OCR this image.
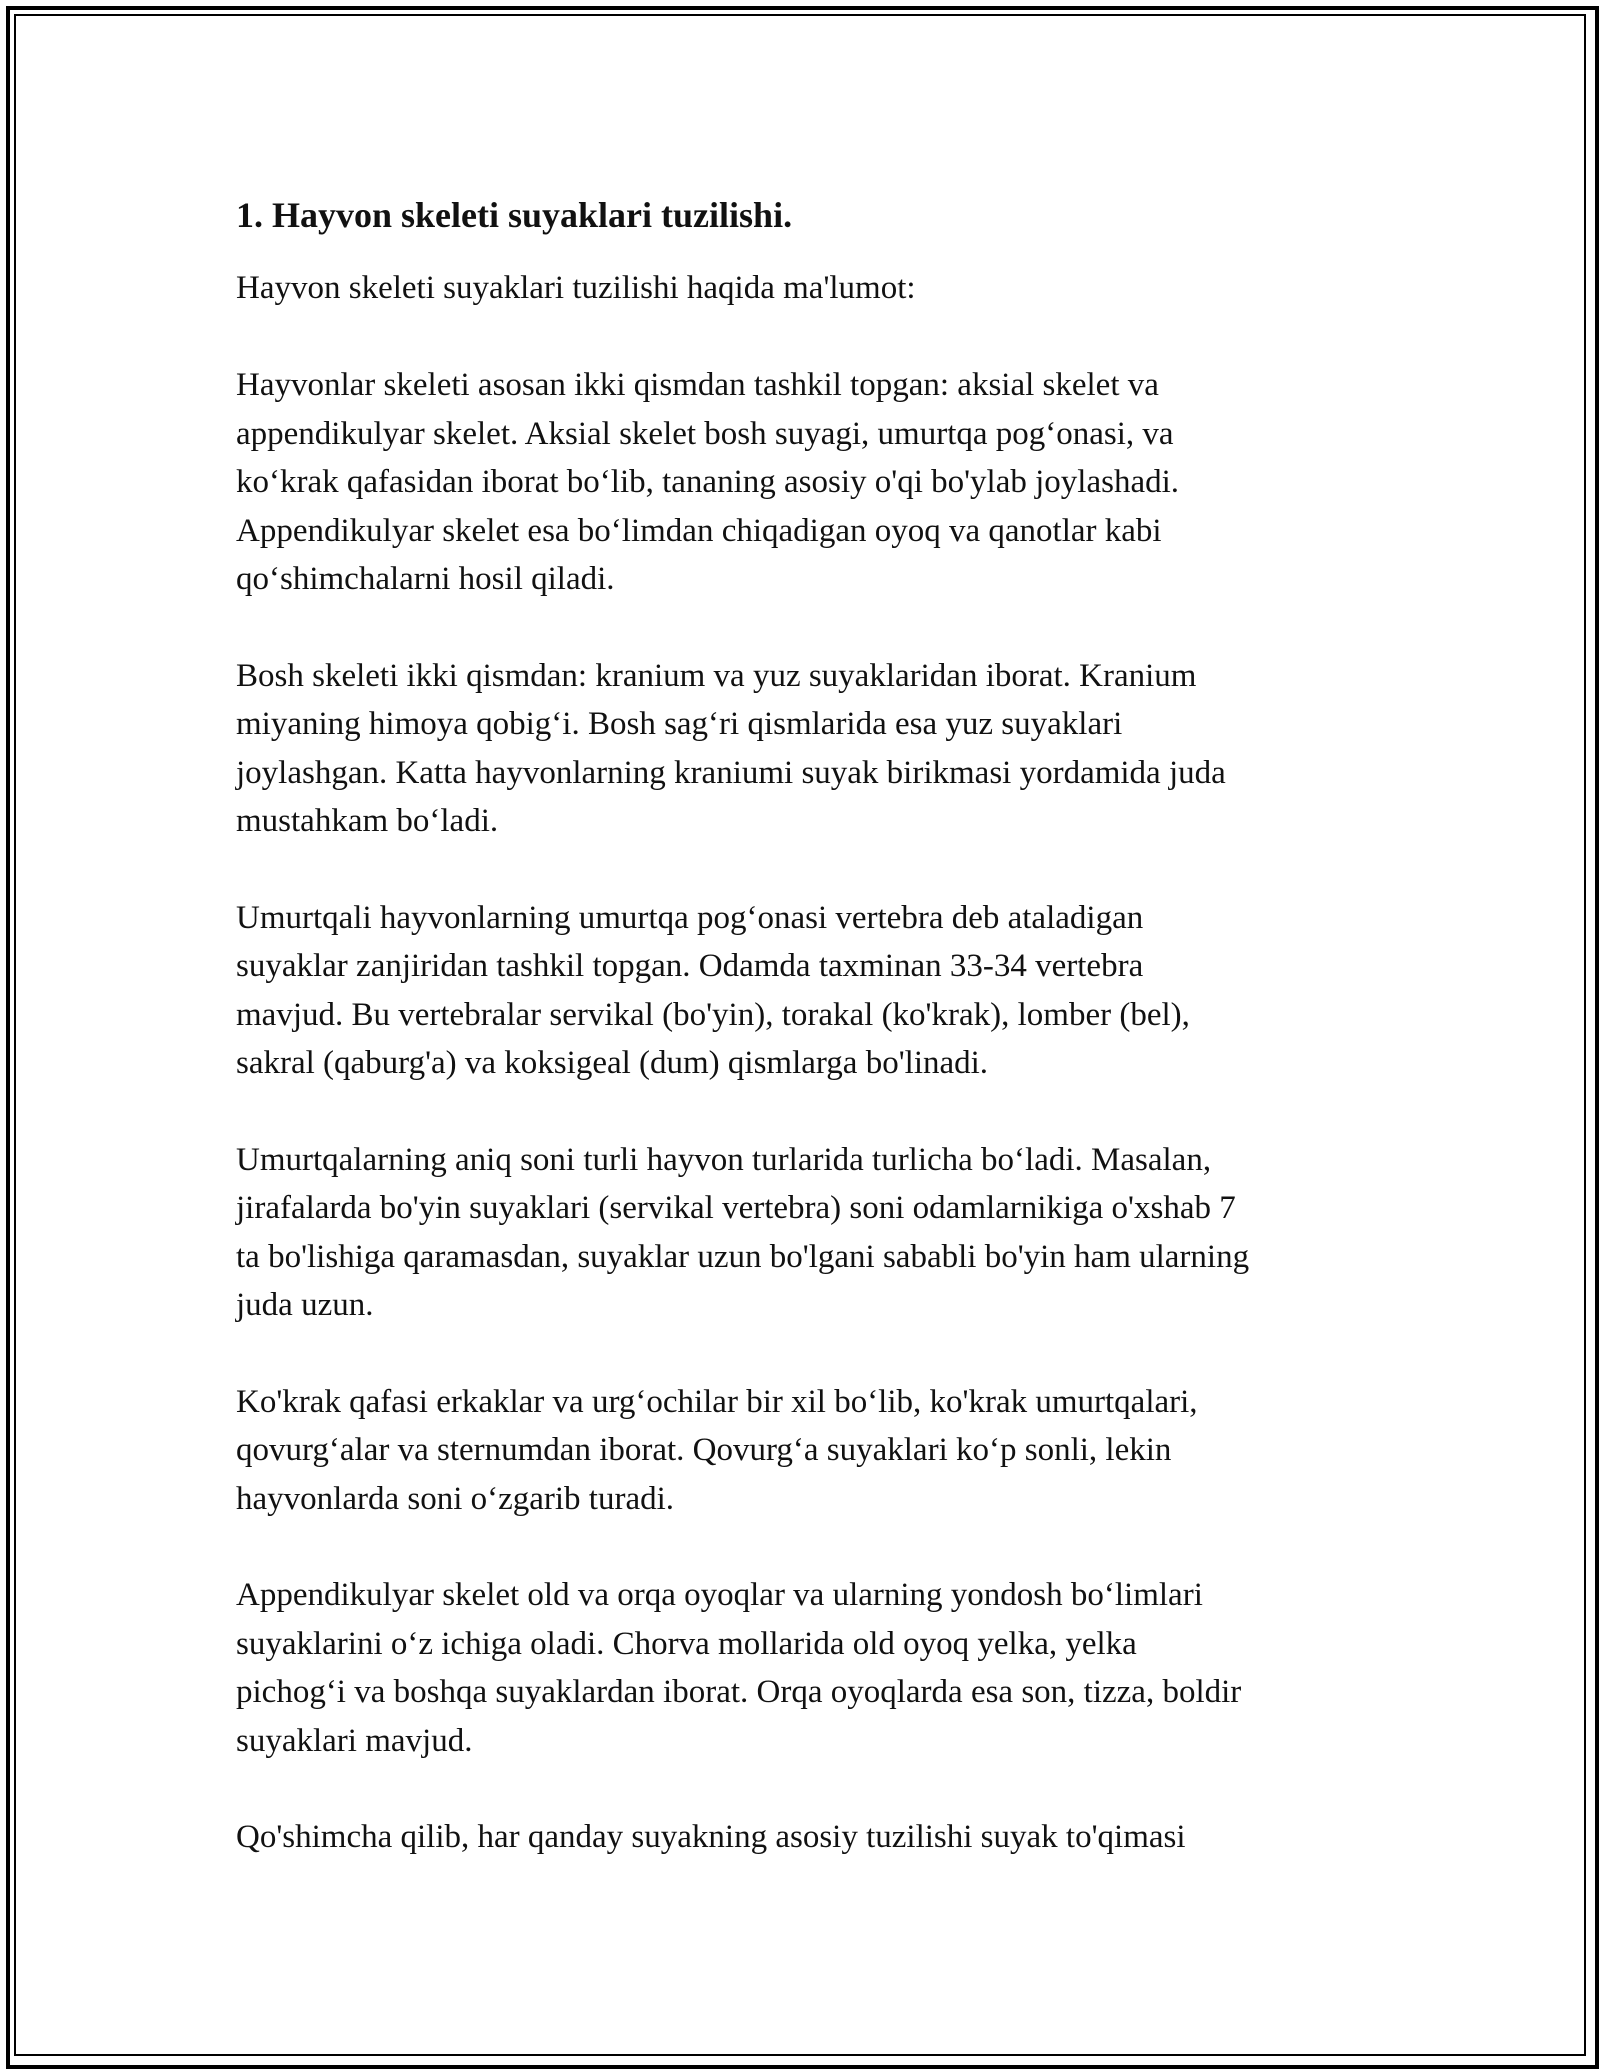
1. Hayvon skeleti suyaklari tuzilishi.

Hayvon skeleti suyaklari tuzilishi haqida ma'lumot:

Hayvonlar skeleti asosan ikki qismdan tashkil topgan: aksial skelet va
appendikulyar skelet. Aksial skelet bosh suyagi, umurtqa pog‘onasi, va
ko‘krak qafasidan iborat bo‘lib, tananing asosiy o'qi bo'ylab joylashadi.
Appendikulyar skelet esa bo‘limdan chiqadigan oyoq va qanotlar kabi
qo‘shimchalarni hosil qiladi.
Bosh skeleti ikki qismdan: kranium va yuz suyaklaridan iborat. Kranium
miyaning himoya qobig‘i. Bosh sag‘ri qismlarida esa yuz suyaklari
joylashgan. Katta hayvonlarning kraniumi suyak birikmasi yordamida juda
mustahkam bo‘ladi.
Umurtqali hayvonlarning umurtqa pog‘onasi vertebra deb ataladigan
suyaklar zanjiridan tashkil topgan. Odamda taxminan 33-34 vertebra
mavjud. Bu vertebralar servikal (bo'yin), torakal (ko'krak), lomber (bel),
sakral (qaburg'a) va koksigeal (dum) qismlarga bo'linadi.
Umurtqalarning aniq soni turli hayvon turlarida turlicha bo‘ladi. Masalan,
jirafalarda bo'yin suyaklari (servikal vertebra) soni odamlarnikiga o'xshab 7
ta bo'lishiga qaramasdan, suyaklar uzun bo'lgani sababli bo'yin ham ularning
juda uzun.
Ko'krak qafasi erkaklar va urg‘ochilar bir xil bo‘lib, ko'krak umurtqalari,
qovurg‘alar va sternumdan iborat. Qovurg‘a suyaklari ko‘p sonli, lekin
hayvonlarda soni o‘zgarib turadi.
Appendikulyar skelet old va orqa oyoqlar va ularning yondosh bo‘limlari
suyaklarini o‘z ichiga oladi. Chorva mollarida old oyoq yelka, yelka
pichog‘i va boshqa suyaklardan iborat. Orqa oyoqlarda esa son, tizza, boldir
suyaklari mavjud.
Qo'shimcha qilib, har qanday suyakning asosiy tuzilishi suyak to'qimasi
